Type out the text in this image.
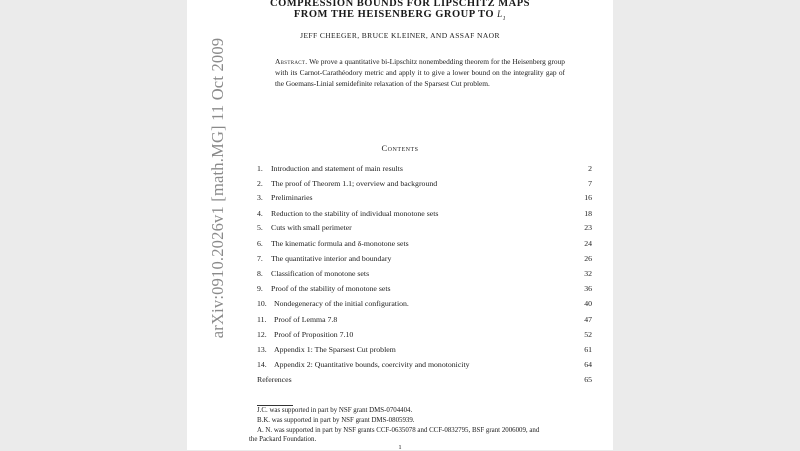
arXiv:0910.2026v1 [math.MG] 11 Oct 2009
COMPRESSION BOUNDS FOR LIPSCHITZ MAPS
FROM THE HEISENBERG GROUP TO $L_1$
JEFF CHEEGER, BRUCE KLEINER, AND ASSAF NAOR
Abstract. We prove a quantitative bi-Lipschitz nonembedding theorem for the Heisenberg group with its Carnot-Carathéodory metric and apply it to give a lower bound on the integrality gap of the Goemans-Linial semidefinite relaxation of the Sparsest Cut problem.
Contents
1. Introduction and statement of main results	2
2. The proof of Theorem 1.1; overview and background	7
3. Preliminaries	16
4. Reduction to the stability of individual monotone sets	18
5. Cuts with small perimeter	23
6. The kinematic formula and δ-monotone sets	24
7. The quantitative interior and boundary	26
8. Classification of monotone sets	32
9. Proof of the stability of monotone sets	36
10. Nondegeneracy of the initial configuration.	40
11. Proof of Lemma 7.8	47
12. Proof of Proposition 7.10	52
13. Appendix 1: The Sparsest Cut problem	61
14. Appendix 2: Quantitative bounds, coercivity and monotonicity	64
References	65
J.C. was supported in part by NSF grant DMS-0704404.
B.K. was supported in part by NSF grant DMS-0805939.
A. N. was supported in part by NSF grants CCF-0635078 and CCF-0832795, BSF grant 2006009, and
the Packard Foundation.
1
